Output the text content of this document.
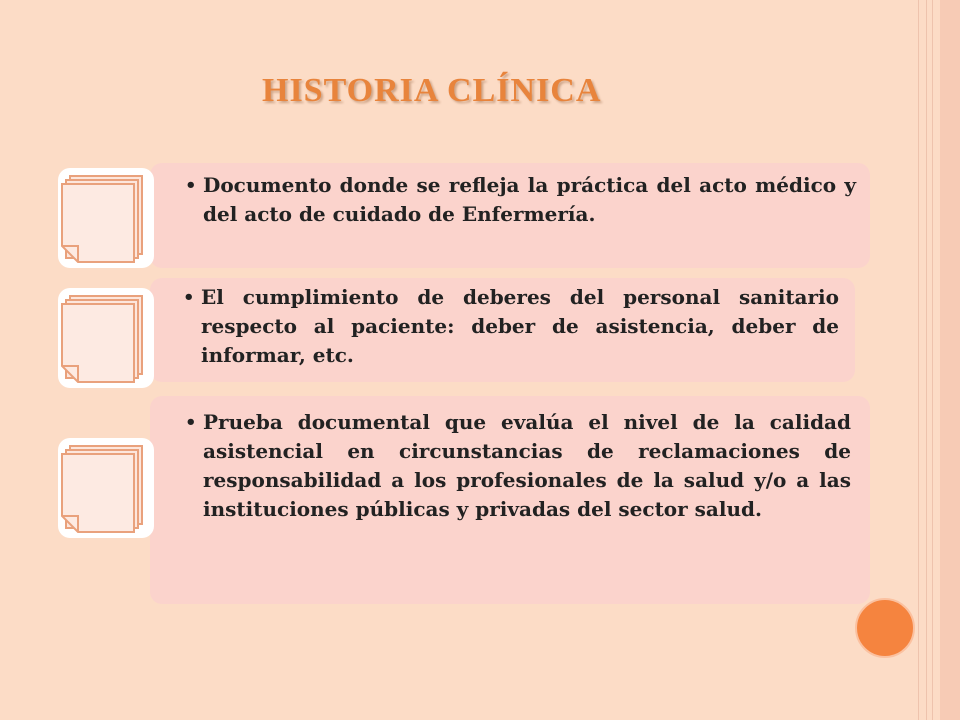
HISTORIA CLÍNICA

• Documento donde se refleja la práctica del acto médico y del acto de cuidado de Enfermería.

• El cumplimiento de deberes del personal sanitario respecto al paciente: deber de asistencia, deber de informar, etc.

• Prueba documental que evalúa el nivel de la calidad asistencial en circunstancias de reclamaciones de responsabilidad a los profesionales de la salud y/o a las instituciones públicas y privadas del sector salud.
